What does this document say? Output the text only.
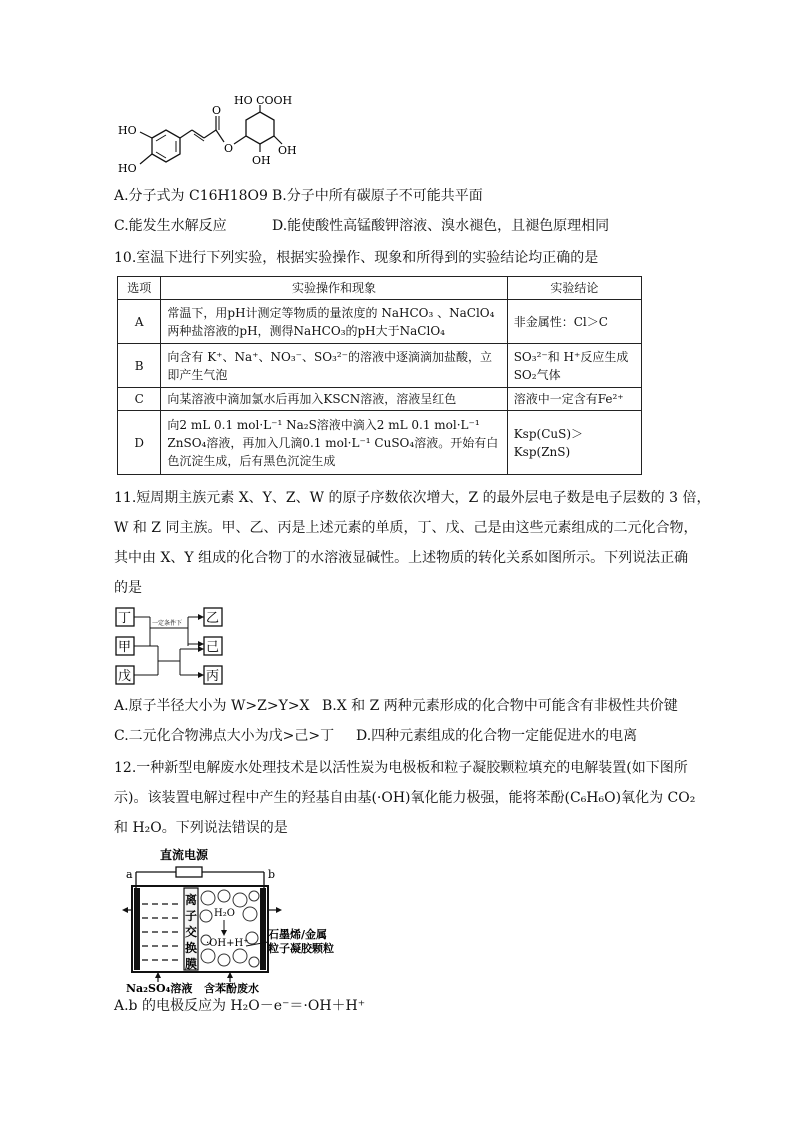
HO COOH
HO
HO
O
O
OH
OH
A.分子式为 C16H18O9 B.分子中所有碳原子不可能共平面
C.能发生水解反应	D.能使酸性高锰酸钾溶液、溴水褪色，且褪色原理相同
10.室温下进行下列实验，根据实验操作、现象和所得到的实验结论均正确的是
选项	实验操作和现象	实验结论
A	常温下，用pH计测定等物质的量浓度的 NaHCO₃ 、NaClO₄ 两种盐溶液的pH，测得NaHCO₃的pH大于NaClO₄	非金属性：Cl＞C
B	向含有 K⁺、Na⁺、NO₃⁻、SO₃²⁻的溶液中逐滴滴加盐酸，立即产生气泡	SO₃²⁻和 H⁺反应生成 SO₂气体
C	向某溶液中滴加氯水后再加入KSCN溶液，溶液呈红色	溶液中一定含有Fe²⁺
D	向2 mL 0.1 mol·L⁻¹ Na₂S溶液中滴入2 mL 0.1 mol·L⁻¹ ZnSO₄溶液，再加入几滴0.1 mol·L⁻¹ CuSO₄溶液。开始有白色沉淀生成，后有黑色沉淀生成	Ksp(CuS)＞Ksp(ZnS)
11.短周期主族元素 X、Y、Z、W 的原子序数依次增大，Z 的最外层电子数是电子层数的 3 倍，
W 和 Z 同主族。甲、乙、丙是上述元素的单质，丁、戊、己是由这些元素组成的二元化合物，
其中由 X、Y 组成的化合物丁的水溶液显碱性。上述物质的转化关系如图所示。下列说法正确
的是
丁
甲
戊
乙
己
丙
一定条件下
A.原子半径大小为 W>Z>Y>X B.X 和 Z 两种元素形成的化合物中可能含有非极性共价键
C.二元化合物沸点大小为戊>己>丁 D.四种元素组成的化合物一定能促进水的电离
12.一种新型电解废水处理技术是以活性炭为电极板和粒子凝胶颗粒填充的电解装置(如下图所
示)。该装置电解过程中产生的羟基自由基(·OH)氧化能力极强，能将苯酚(C₆H₆O)氧化为 CO₂
和 H₂O。下列说法错误的是
直流电源
a	b
离
子
交
换
膜
H₂O
·OH+H⁺
石墨烯/金属
粒子凝胶颗粒
Na₂SO₄溶液 含苯酚废水
A.b 的电极反应为 H₂O－e⁻＝·OH＋H⁺
